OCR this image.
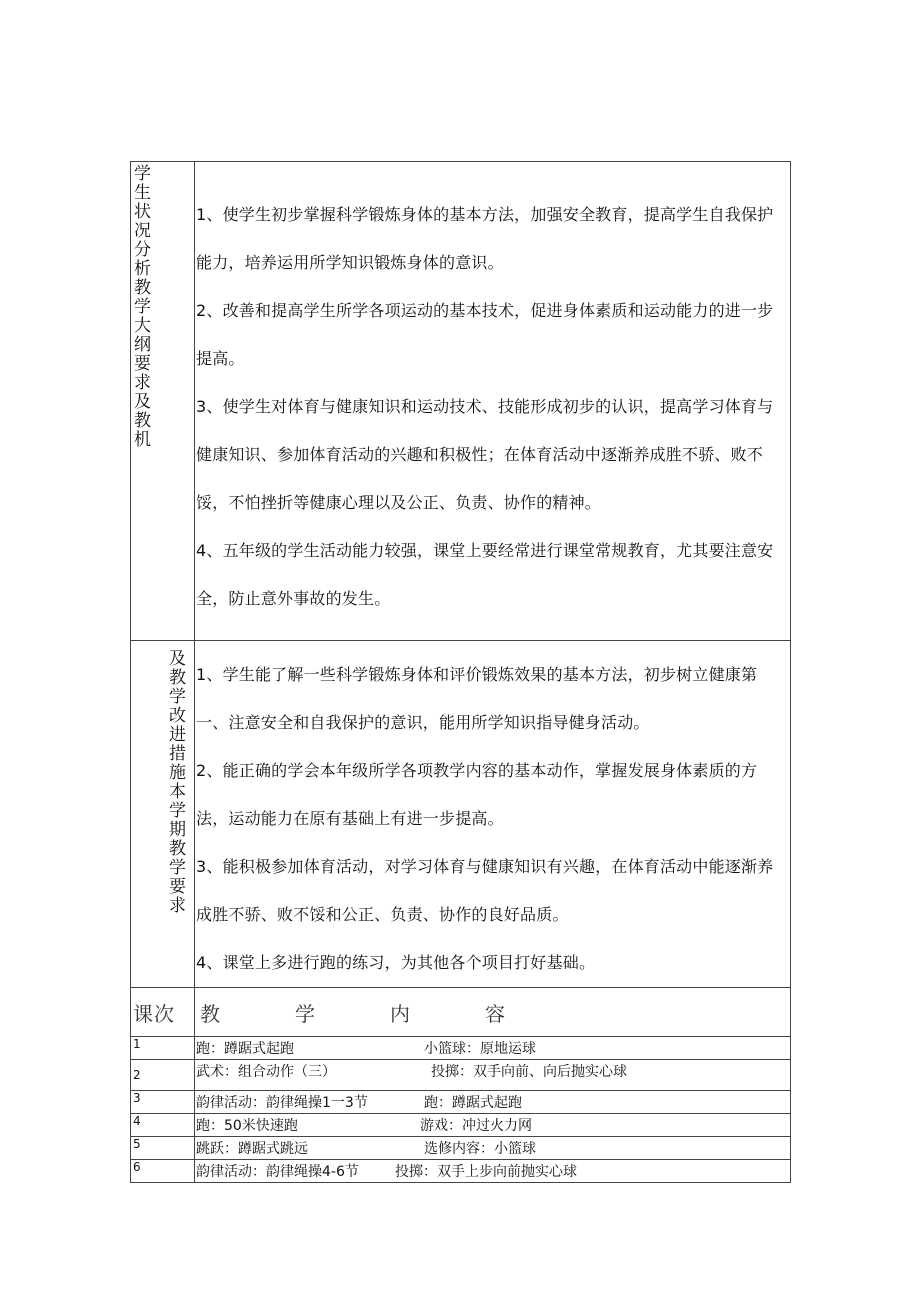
学生状况分析教学大纲要求及教机	1、使学生初步掌握科学锻炼身体的基本方法，加强安全教育，提高学生自我保护能力，培养运用所学知识锻炼身体的意识。

2、改善和提高学生所学各项运动的基本技术，促进身体素质和运动能力的进一步提高。

3、使学生对体育与健康知识和运动技术、技能形成初步的认识，提高学习体育与健康知识、参加体育活动的兴趣和积极性；在体育活动中逐渐养成胜不骄、败不馁，不怕挫折等健康心理以及公正、负责、协作的精神。

4、五年级的学生活动能力较强，课堂上要经常进行课堂常规教育，尤其要注意安全，防止意外事故的发生。

及教学改进措施本学期教学要求	1、学生能了解一些科学锻炼身体和评价锻炼效果的基本方法，初步树立健康第一、注意安全和自我保护的意识，能用所学知识指导健身活动。

2、能正确的学会本年级所学各项教学内容的基本动作，掌握发展身体素质的方法，运动能力在原有基础上有进一步提高。

3、能积极参加体育活动，对学习体育与健康知识有兴趣，在体育活动中能逐渐养成胜不骄、败不馁和公正、负责、协作的良好品质。

4、课堂上多进行跑的练习，为其他各个项目打好基础。

课次	教 学 内 容
1	跑：蹲踞式起跑 小篮球：原地运球

2	武术：组合动作（三） 投掷：双手向前、向后抛实心球

3	韵律活动：韵律绳操1一3节 跑：蹲踞式起跑

4	跑：50米快速跑 游戏：冲过火力网

5	跳跃：蹲踞式跳远 选修内容：小篮球

6	韵律活动：韵律绳操4-6节 投掷：双手上步向前抛实心球
